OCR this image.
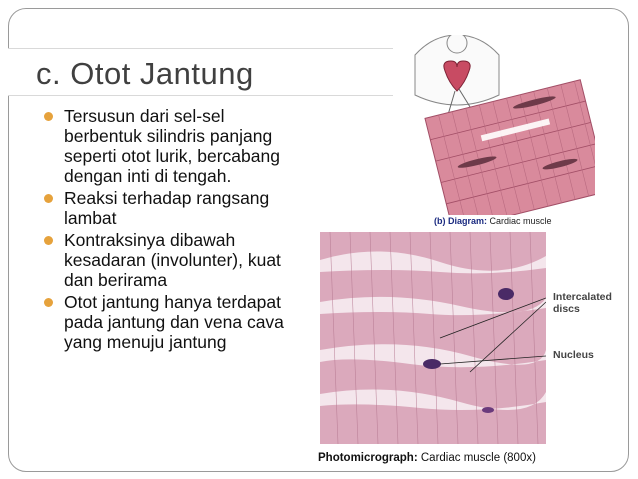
c. Otot Jantung
Tersusun dari sel-sel berbentuk silindris panjang seperti otot lurik, bercabang dengan inti di tengah.
Reaksi terhadap rangsang lambat
Kontraksinya dibawah kesadaran (involunter), kuat dan berirama
Otot jantung hanya terdapat pada jantung dan vena cava yang menuju jantung
(b) Diagram: Cardiac muscle
Intercalated discs
Nucleus
Photomicrograph: Cardiac muscle (800x)
